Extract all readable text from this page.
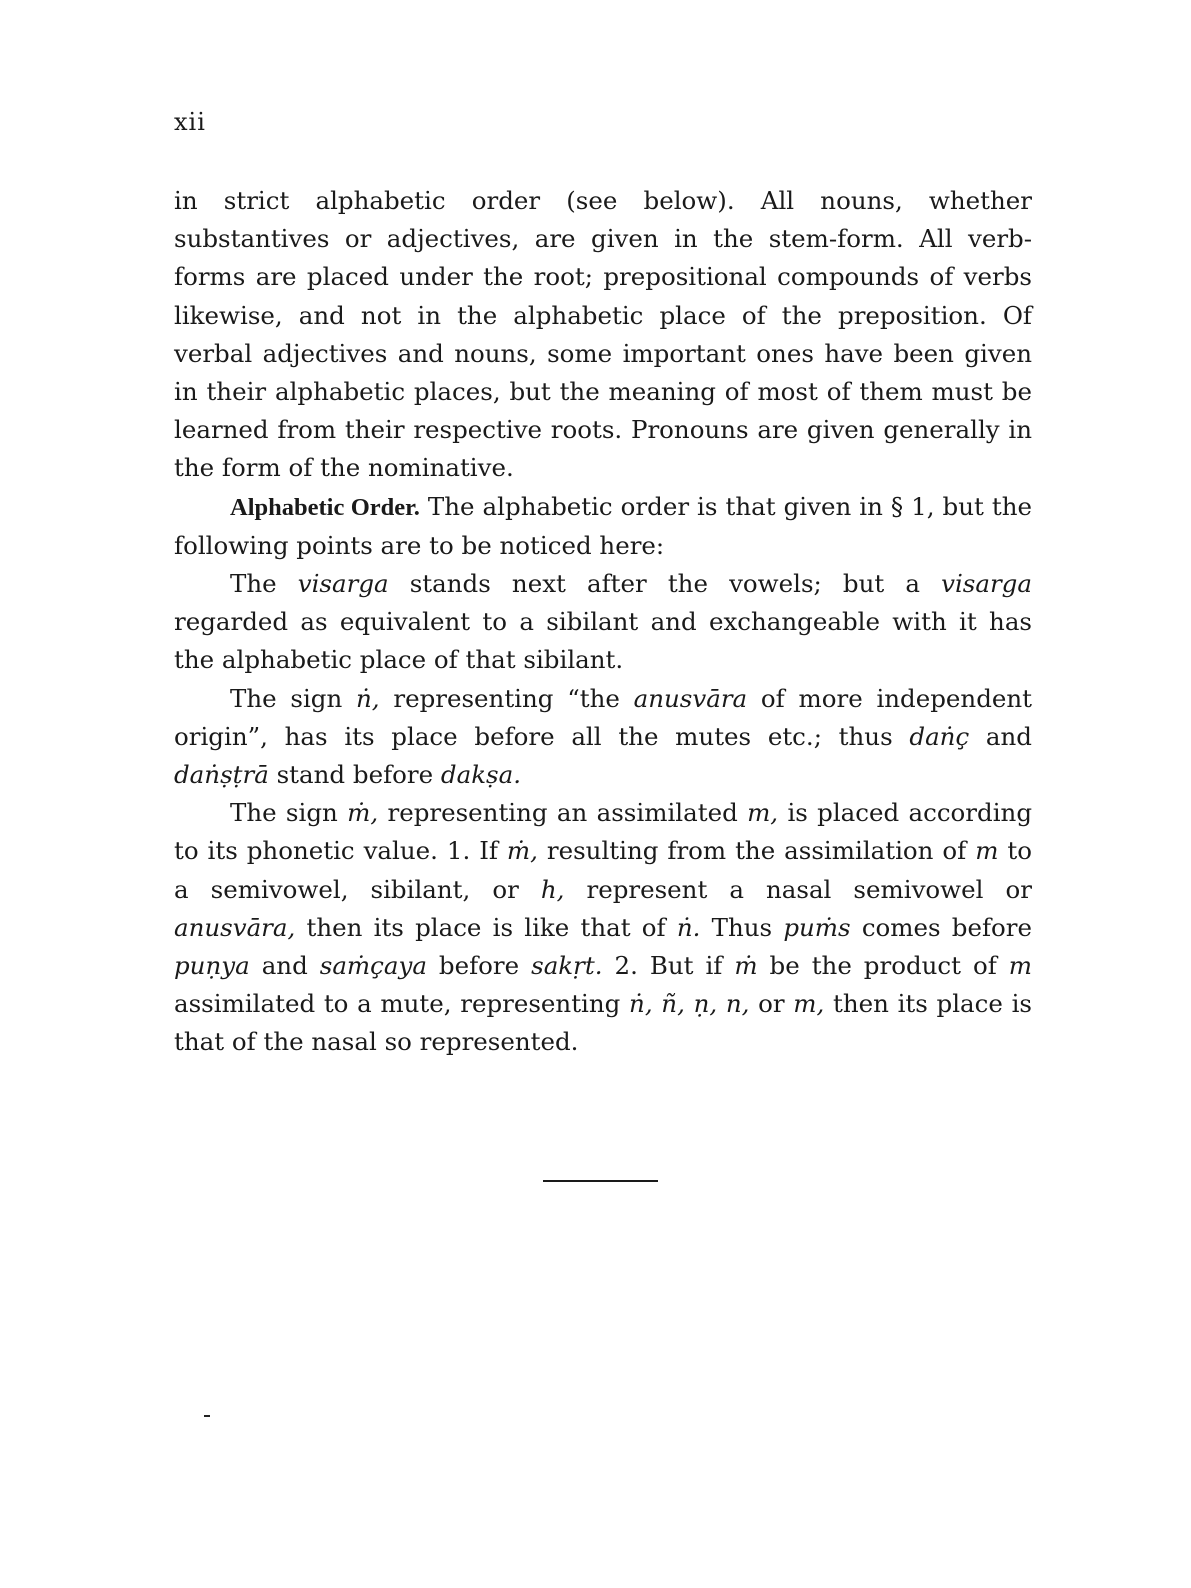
xii

in strict alphabetic order (see below). All nouns, whether substantives or adjectives, are given in the stem-form. All verb-forms are placed under the root; prepositional compounds of verbs likewise, and not in the alphabetic place of the preposition. Of verbal adjectives and nouns, some important ones have been given in their alphabetic places, but the meaning of most of them must be learned from their respective roots. Pronouns are given generally in the form of the nominative.

Alphabetic Order. The alphabetic order is that given in § 1, but the following points are to be noticed here:

The visarga stands next after the vowels; but a visarga regarded as equivalent to a sibilant and exchangeable with it has the alphabetic place of that sibilant.

The sign ṅ, representing “the anusvāra of more independent origin”, has its place before all the mutes etc.; thus daṅç and daṅṣṭrā stand before dakṣa.

The sign ṁ, representing an assimilated m, is placed according to its phonetic value. 1. If ṁ, resulting from the assimilation of m to a semivowel, sibilant, or h, represent a nasal semivowel or anusvāra, then its place is like that of ṅ. Thus puṁs comes before puṇya and saṁçaya before sakṛt. 2. But if ṁ be the product of m assimilated to a mute, representing ṅ, ñ, ṇ, n, or m, then its place is that of the nasal so represented.
